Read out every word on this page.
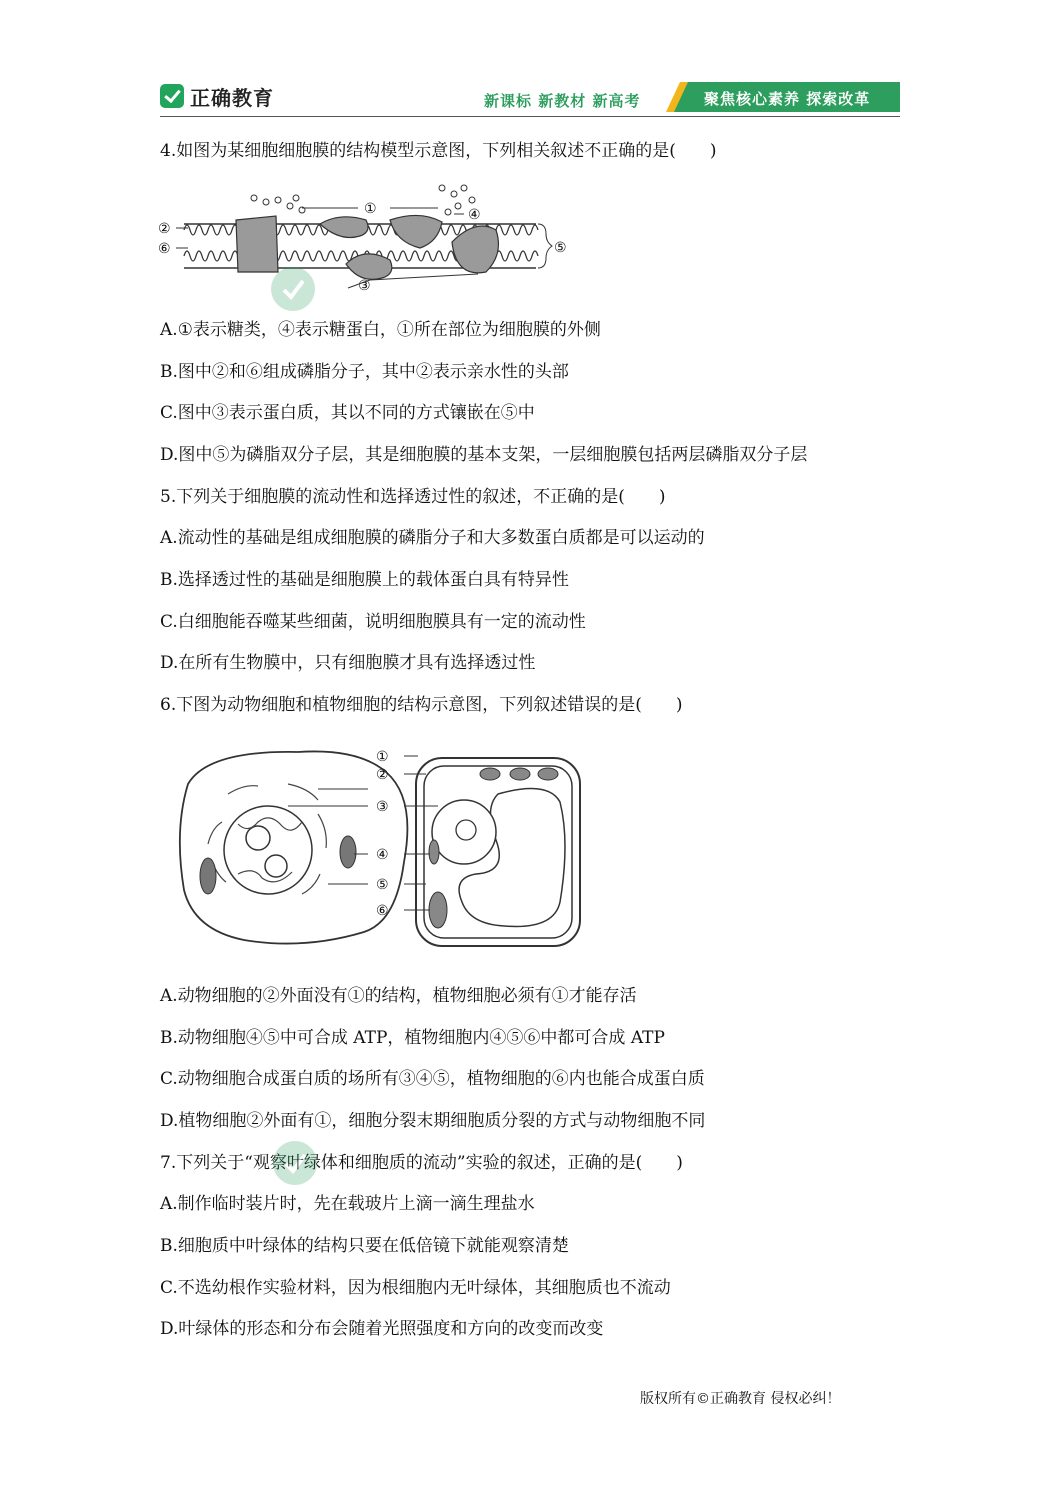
正确教育	新课标 新教材 新高考	聚焦核心素养 探索改革
4.如图为某细胞细胞膜的结构模型示意图，下列相关叙述不正确的是(　　)
①
②
③
④
⑤
⑥
A.①表示糖类，④表示糖蛋白，①所在部位为细胞膜的外侧
B.图中②和⑥组成磷脂分子，其中②表示亲水性的头部
C.图中③表示蛋白质，其以不同的方式镶嵌在⑤中
D.图中⑤为磷脂双分子层，其是细胞膜的基本支架，一层细胞膜包括两层磷脂双分子层
5.下列关于细胞膜的流动性和选择透过性的叙述，不正确的是(　　)
A.流动性的基础是组成细胞膜的磷脂分子和大多数蛋白质都是可以运动的
B.选择透过性的基础是细胞膜上的载体蛋白具有特异性
C.白细胞能吞噬某些细菌，说明细胞膜具有一定的流动性
D.在所有生物膜中，只有细胞膜才具有选择透过性
6.下图为动物细胞和植物细胞的结构示意图，下列叙述错误的是(　　)
①
②
③
④
⑤
⑥
A.动物细胞的②外面没有①的结构，植物细胞必须有①才能存活
B.动物细胞④⑤中可合成 ATP，植物细胞内④⑤⑥中都可合成 ATP
C.动物细胞合成蛋白质的场所有③④⑤，植物细胞的⑥内也能合成蛋白质
D.植物细胞②外面有①，细胞分裂末期细胞质分裂的方式与动物细胞不同
7.下列关于“观察叶绿体和细胞质的流动”实验的叙述，正确的是(　　)
A.制作临时装片时，先在载玻片上滴一滴生理盐水
B.细胞质中叶绿体的结构只要在低倍镜下就能观察清楚
C.不选幼根作实验材料，因为根细胞内无叶绿体，其细胞质也不流动
D.叶绿体的形态和分布会随着光照强度和方向的改变而改变
版权所有©正确教育 侵权必纠！
